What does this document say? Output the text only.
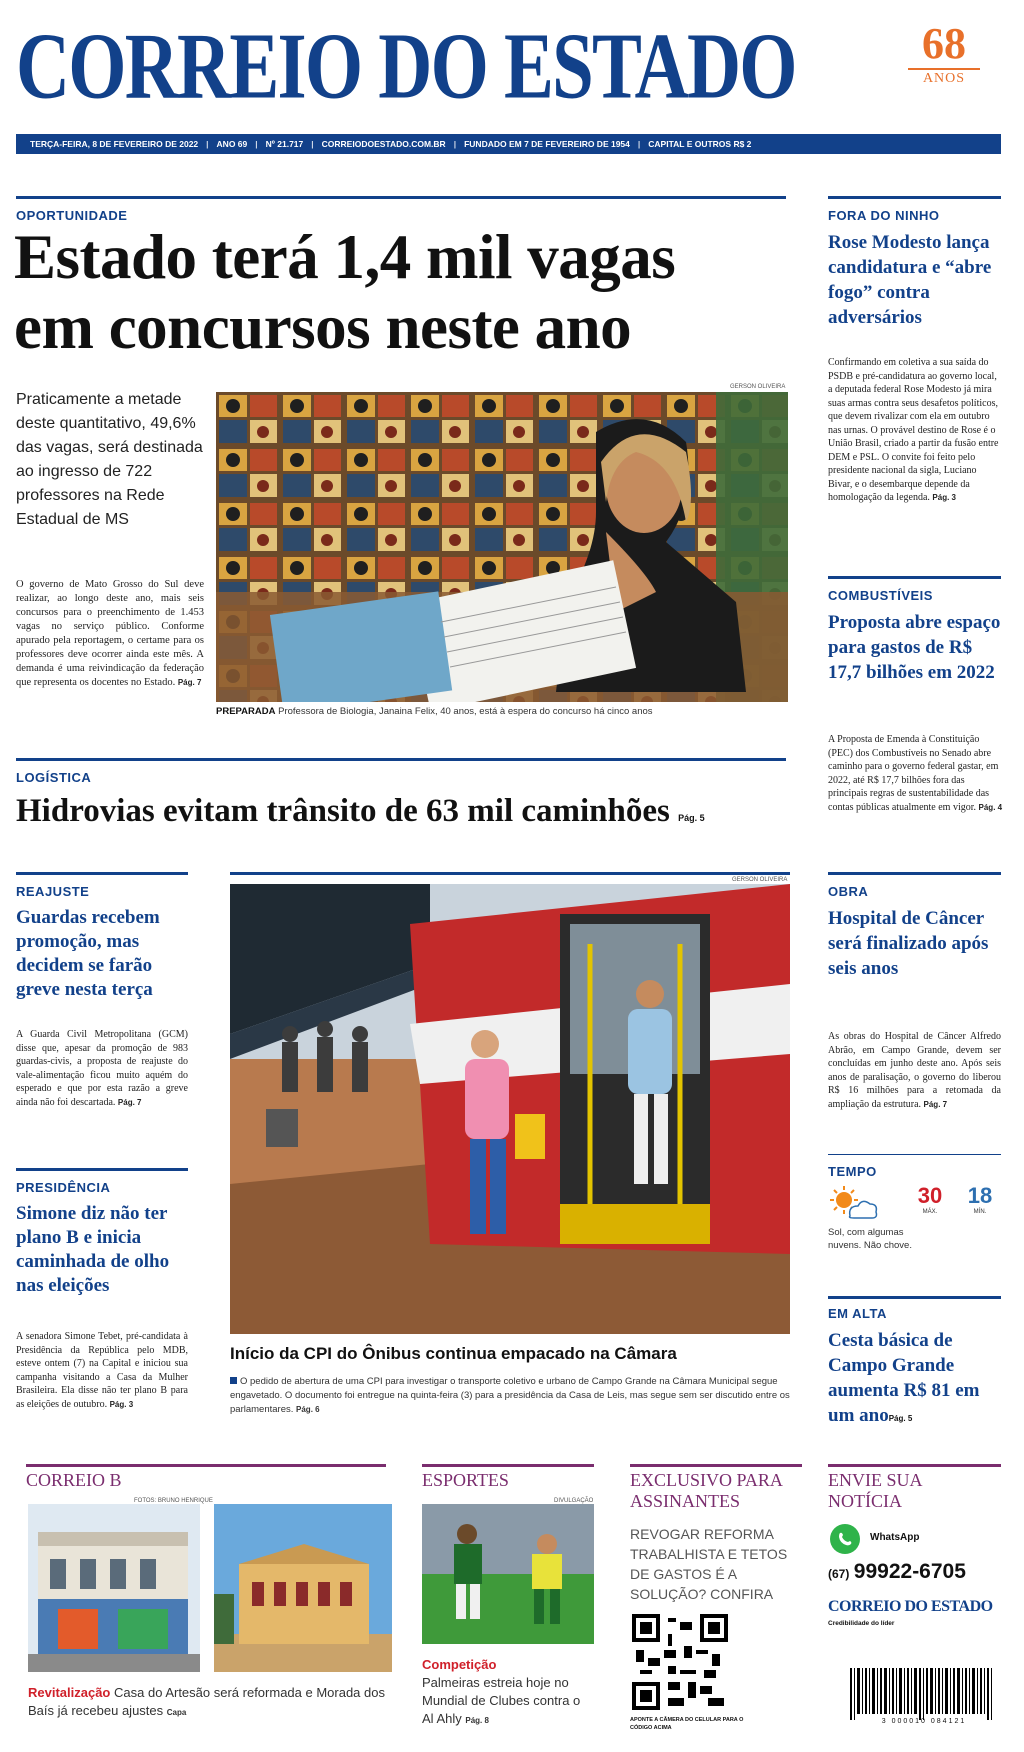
CORREIO DO ESTADO	68
ANOS
TERÇA-FEIRA, 8 DE FEVEREIRO DE 2022 | ANO 69 | Nº 21.717 | CORREIODOESTADO.COM.BR | FUNDADO EM 7 DE FEVEREIRO DE 1954 | CAPITAL E OUTROS R$ 2
OPORTUNIDADE
Estado terá 1,4 mil vagas
em concursos neste ano
Praticamente a metade deste quantitativo, 49,6% das vagas, será destinada ao ingresso de 722 professores na Rede Estadual de MS
O governo de Mato Grosso do Sul deve realizar, ao longo deste ano, mais seis concursos para o preenchimento de 1.453 vagas no serviço público. Conforme apurado pela reportagem, o certame para os professores deve ocorrer ainda este mês. A demanda é uma reivindicação da federação que representa os docentes no Estado. Pág. 7
GERSON OLIVEIRA
PREPARADA Professora de Biologia, Janaina Felix, 40 anos, está à espera do concurso há cinco anos
FORA DO NINHO
Rose Modesto lança candidatura e “abre fogo” contra adversários
Confirmando em coletiva a sua saída do PSDB e pré-candidatura ao governo local, a deputada federal Rose Modesto já mira suas armas contra seus desafetos políticos, que devem rivalizar com ela em outubro nas urnas. O provável destino de Rose é o União Brasil, criado a partir da fusão entre DEM e PSL. O convite foi feito pelo presidente nacional da sigla, Luciano Bivar, e o desembarque depende da homologação da legenda. Pág. 3
COMBUSTÍVEIS
Proposta abre espaço para gastos de R$ 17,7 bilhões em 2022
A Proposta de Emenda à Constituição (PEC) dos Combustíveis no Senado abre caminho para o governo federal gastar, em 2022, até R$ 17,7 bilhões fora das principais regras de sustentabilidade das contas públicas atualmente em vigor. Pág. 4
LOGÍSTICA
Hidrovias evitam trânsito de 63 mil caminhões Pág. 5
REAJUSTE
Guardas recebem promoção, mas decidem se farão greve nesta terça
A Guarda Civil Metropolitana (GCM) disse que, apesar da promoção de 983 guardas-civis, a proposta de reajuste do vale-alimentação ficou muito aquém do esperado e que por esta razão a greve ainda não foi descartada. Pág. 7
PRESIDÊNCIA
Simone diz não ter plano B e inicia caminhada de olho nas eleições
A senadora Simone Tebet, pré-candidata à Presidência da República pelo MDB, esteve ontem (7) na Capital e iniciou sua campanha visitando a Casa da Mulher Brasileira. Ela disse não ter plano B para as eleições de outubro. Pág. 3
GERSON OLIVEIRA
Início da CPI do Ônibus continua empacado na Câmara
O pedido de abertura de uma CPI para investigar o transporte coletivo e urbano de Campo Grande na Câmara Municipal segue engavetado. O documento foi entregue na quinta-feira (3) para a presidência da Casa de Leis, mas segue sem ser discutido entre os parlamentares. Pág. 6
OBRA
Hospital de Câncer será finalizado após seis anos
As obras do Hospital de Câncer Alfredo Abrão, em Campo Grande, devem ser concluídas em junho deste ano. Após seis anos de paralisação, o governo do liberou R$ 16 milhões para a retomada da ampliação da estrutura. Pág. 7
TEMPO
30
MÁX.
18
MÍN.
Sol, com algumas nuvens. Não chove.
EM ALTA
Cesta básica de Campo Grande aumenta R$ 81 em um anoPág. 5
CORREIO B
FOTOS: BRUNO HENRIQUE
Revitalização Casa do Artesão será reformada e Morada dos Baís já recebeu ajustes Capa
ESPORTES
DIVULGAÇÃO
Competição
Palmeiras estreia hoje no Mundial de Clubes contra o Al Ahly Pág. 8
EXCLUSIVO PARA ASSINANTES
REVOGAR REFORMA TRABALHISTA E TETOS DE GASTOS É A SOLUÇÃO? CONFIRA
APONTE A CÂMERA DO CELULAR PARA O CÓDIGO ACIMA
ENVIE SUA NOTÍCIA
WhatsApp
(67) 99922-6705
CORREIO DO ESTADO
Credibilidade do líder
3 000010 084121
